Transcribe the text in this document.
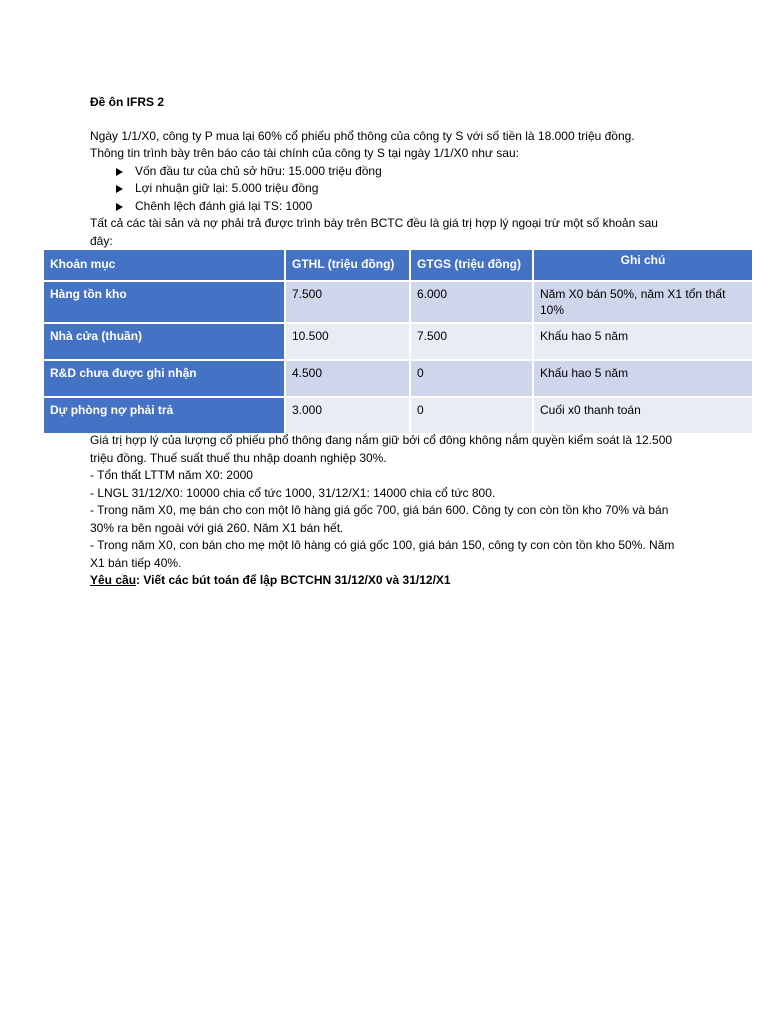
Đề ôn IFRS 2

Ngày 1/1/X0, công ty P mua lại 60% cổ phiếu phổ thông của công ty S với số tiền là 18.000 triệu đồng.

Thông tin trình bày trên báo cáo tài chính của công ty S tại ngày 1/1/X0 như sau:

Vốn đầu tư của chủ sở hữu: 15.000 triệu đồng
Lợi nhuận giữ lại: 5.000 triệu đồng
Chênh lệch đánh giá lại TS: 1000

Tất cả các tài sản và nợ phải trả được trình bày trên BCTC đều là giá trị hợp lý ngoại trừ một số khoản sau đây:

Khoản mục	GTHL (triệu đồng)	GTGS (triệu đồng)	Ghi chú
Hàng tồn kho	7.500	6.000	Năm X0 bán 50%, năm X1 tổn thất 10%
Nhà cửa (thuần)	10.500	7.500	Khấu hao 5 năm
R&D chưa được ghi nhận	4.500	0	Khấu hao 5 năm
Dự phòng nợ phải trả	3.000	0	Cuối x0 thanh toán

Giá trị hợp lý của lượng cổ phiếu phổ thông đang nắm giữ bởi cổ đông không nắm quyền kiểm soát là 12.500 triệu đồng. Thuế suất thuế thu nhập doanh nghiệp 30%.

- Tổn thất LTTM năm X0: 2000

- LNGL 31/12/X0: 10000 chia cổ tức 1000, 31/12/X1: 14000 chia cổ tức 800.

- Trong năm X0, mẹ bán cho con một lô hàng giá gốc 700, giá bán 600. Công ty con còn tồn kho 70% và bán 30% ra bên ngoài với giá 260. Năm X1 bán hết.

- Trong năm X0, con bán cho mẹ một lô hàng có giá gốc 100, giá bán 150, công ty con còn tồn kho 50%. Năm X1 bán tiếp 40%.

Yêu cầu: Viết các bút toán để lập BCTCHN 31/12/X0 và 31/12/X1
